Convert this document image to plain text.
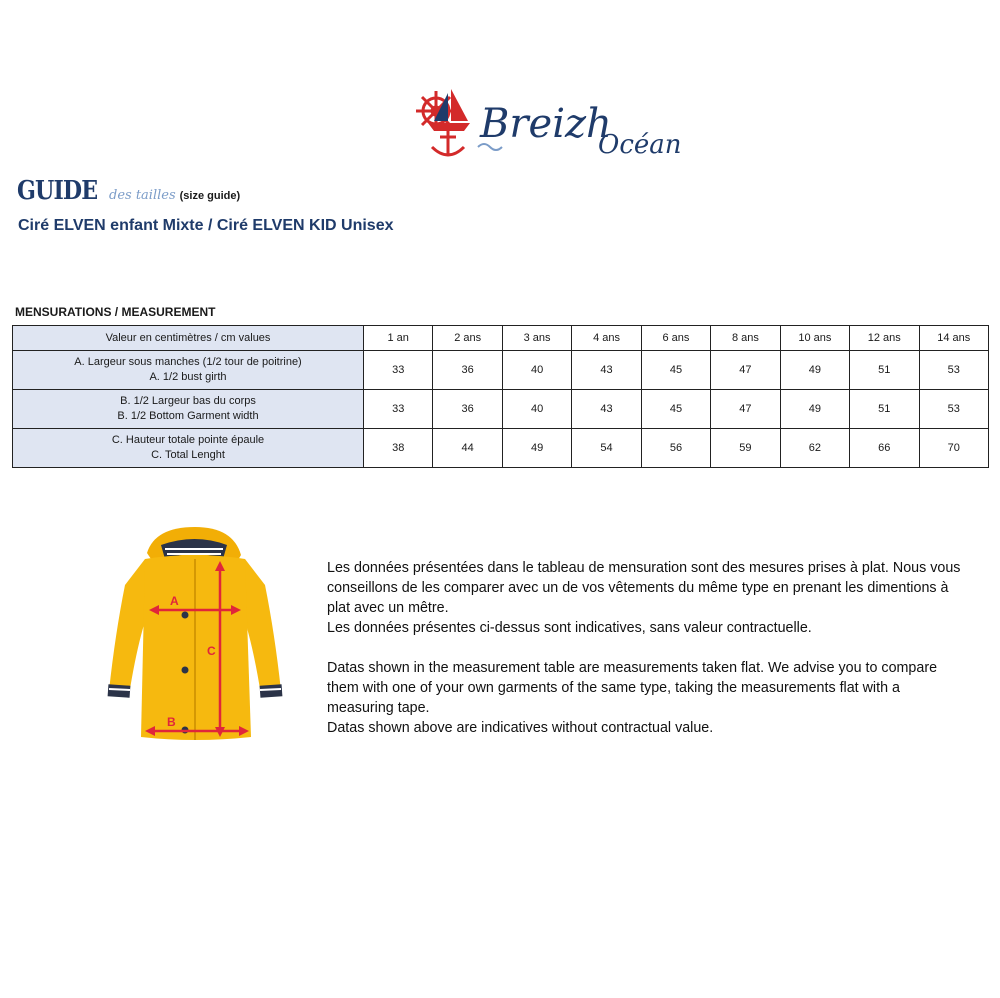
Breizh
Océan
GUIDE des tailles (size guide)
Ciré ELVEN enfant Mixte / Ciré ELVEN KID Unisex
MENSURATIONS / MEASUREMENT
Valeur en centimètres / cm values	1 an	2 ans	3 ans	4 ans	6 ans	8 ans	10 ans	12 ans	14 ans

A. Largeur sous manches (1/2 tour de poitrine)
A. 1/2 bust girth	33	36	40	43	45	47	49	51	53

B. 1/2 Largeur bas du corps
B. 1/2 Bottom Garment width	33	36	40	43	45	47	49	51	53

C. Hauteur totale pointe épaule
C. Total Lenght	38	44	49	54	56	59	62	66	70
A
B
C

Les données présentées dans le tableau de mensuration sont des mesures prises à plat. Nous vous conseillons de les comparer avec un de vos vêtements du même type en prenant les dimentions à plat avec un mêtre.

Les données présentes ci-dessus sont indicatives, sans valeur contractuelle.

Datas shown in the measurement table are measurements taken flat. We advise you to compare them with one of your own garments of the same type, taking the measurements flat with a measuring tape.

Datas shown above are indicatives without contractual value.
